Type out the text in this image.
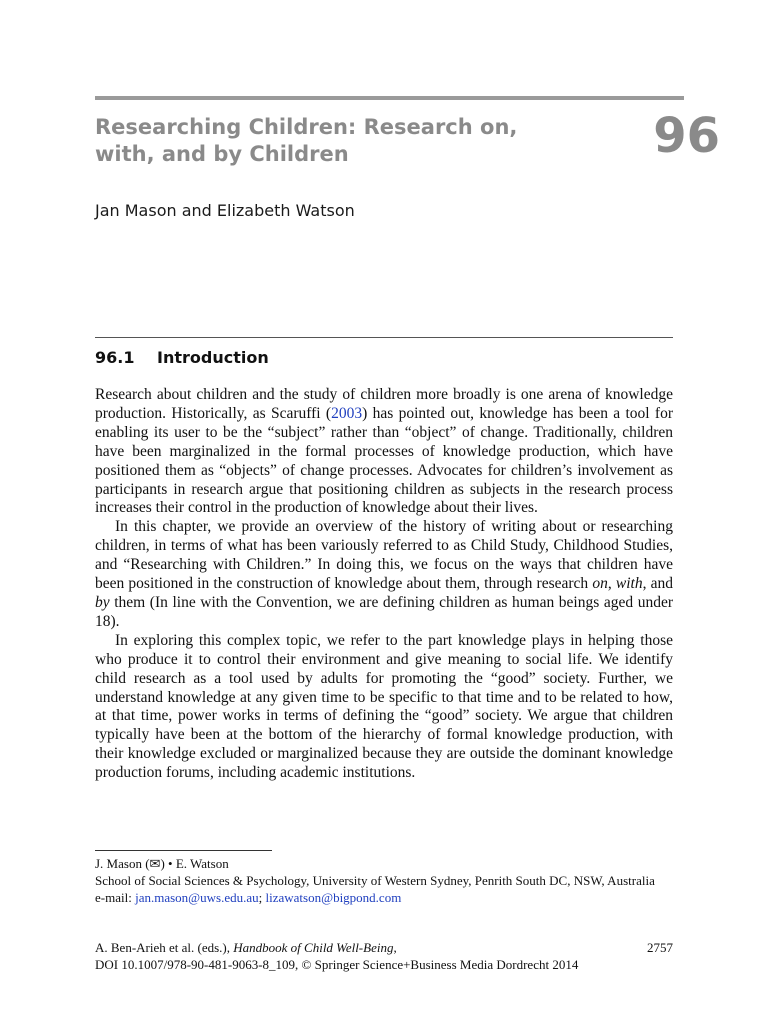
Researching Children: Research on,
with, and by Children	96
Jan Mason and Elizabeth Watson
96.1 Introduction

Research about children and the study of children more broadly is one arena of knowledge production. Historically, as Scaruffi (2003) has pointed out, knowledge has been a tool for enabling its user to be the “subject” rather than “object” of change. Traditionally, children have been marginalized in the formal processes of knowledge production, which have positioned them as “objects” of change processes. Advocates for children’s involvement as participants in research argue that positioning children as subjects in the research process increases their control in the production of knowledge about their lives.

In this chapter, we provide an overview of the history of writing about or researching children, in terms of what has been variously referred to as Child Study, Childhood Studies, and “Researching with Children.” In doing this, we focus on the ways that children have been positioned in the construction of knowledge about them, through research on, with, and by them (In line with the Convention, we are defining children as human beings aged under 18).

In exploring this complex topic, we refer to the part knowledge plays in helping those who produce it to control their environment and give meaning to social life. We identify child research as a tool used by adults for promoting the “good” society. Further, we understand knowledge at any given time to be specific to that time and to be related to how, at that time, power works in terms of defining the “good” society. We argue that children typically have been at the bottom of the hierarchy of formal knowledge production, with their knowledge excluded or marginalized because they are outside the dominant knowledge production forums, including academic institutions.

J. Mason (✉) • E. Watson
School of Social Sciences & Psychology, University of Western Sydney, Penrith South DC, NSW, Australia
e-mail: jan.mason@uws.edu.au; lizawatson@bigpond.com
A. Ben-Arieh et al. (eds.), Handbook of Child Well-Being,	2757
DOI 10.1007/978-90-481-9063-8_109, © Springer Science+Business Media Dordrecht 2014
